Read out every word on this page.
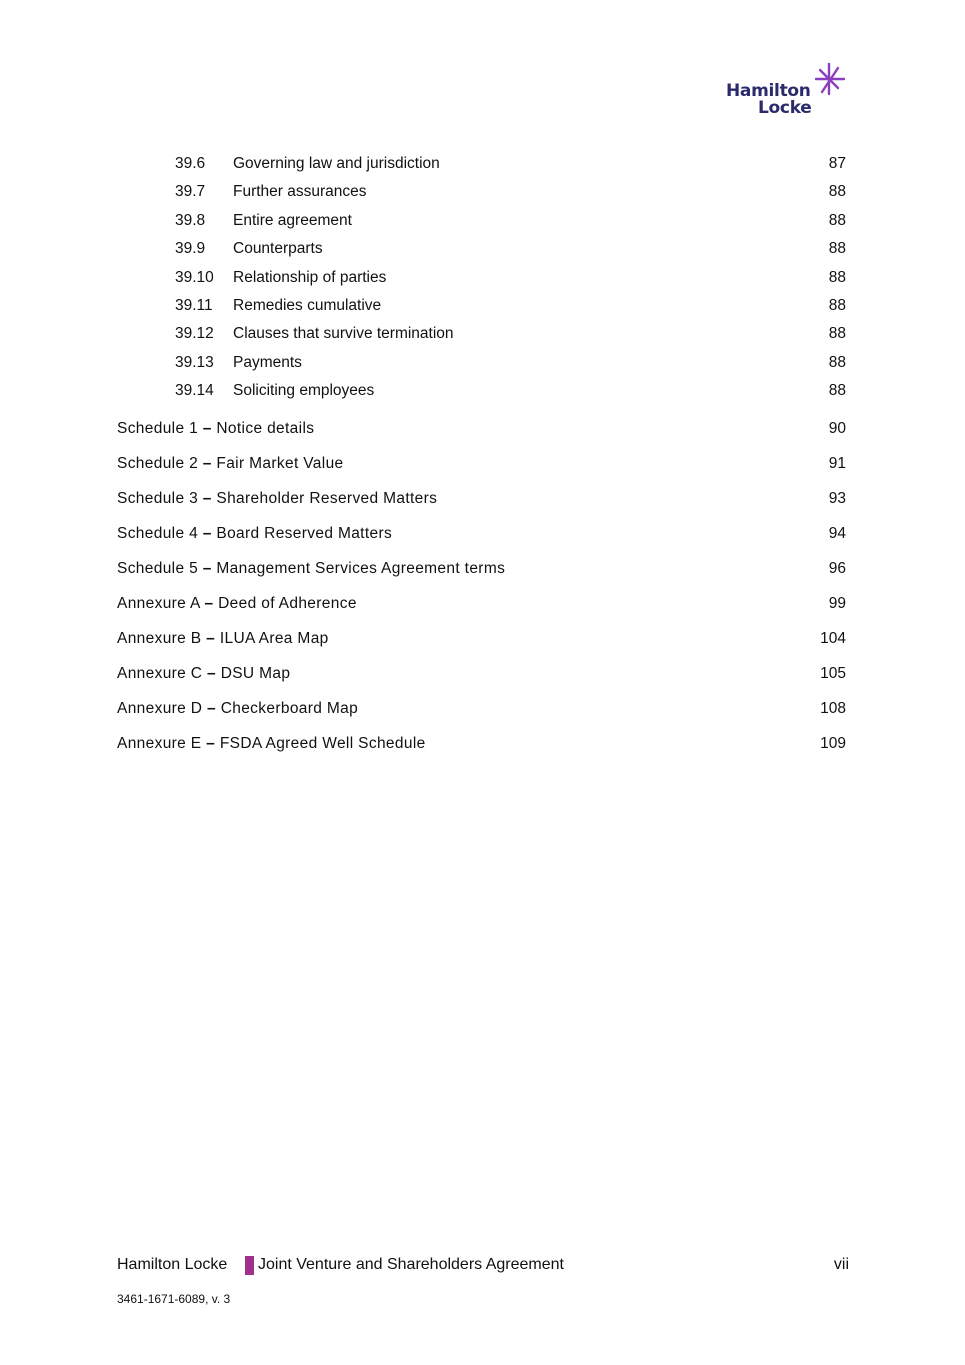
Hamilton
Locke
39.6 Governing law and jurisdiction	87
39.7 Further assurances	88
39.8 Entire agreement	88
39.9 Counterparts	88
39.10 Relationship of parties	88
39.11 Remedies cumulative	88
39.12 Clauses that survive termination	88
39.13 Payments	88
39.14 Soliciting employees	88
Schedule 1 – Notice details	90
Schedule 2 – Fair Market Value	91
Schedule 3 – Shareholder Reserved Matters	93
Schedule 4 – Board Reserved Matters	94
Schedule 5 – Management Services Agreement terms	96
Annexure A – Deed of Adherence	99
Annexure B – ILUA Area Map	104
Annexure C – DSU Map	105
Annexure D – Checkerboard Map	108
Annexure E – FSDA Agreed Well Schedule	109
Hamilton Locke Joint Venture and Shareholders Agreement	vii
3461-1671-6089, v. 3
